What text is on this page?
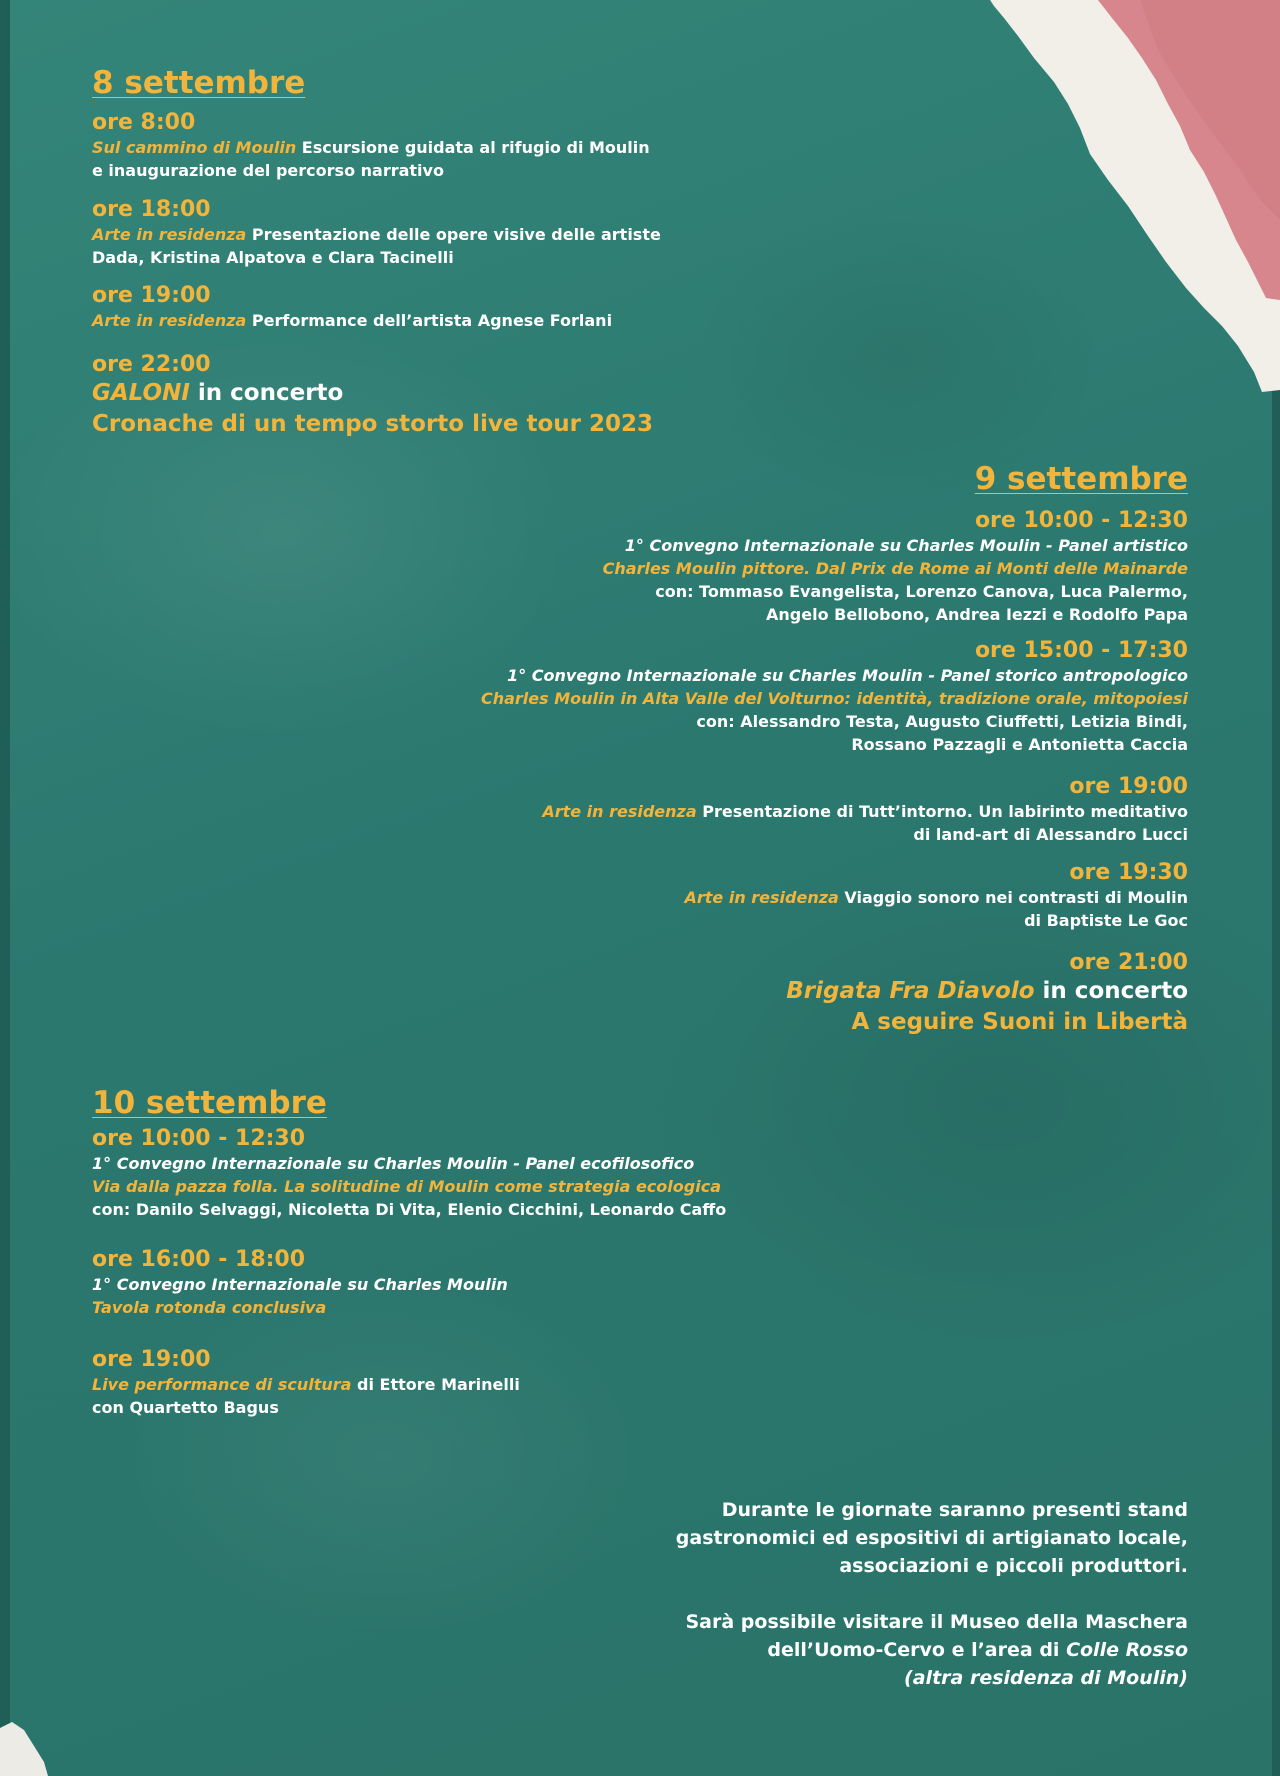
8 settembre
ore 8:00
Sul cammino di Moulin Escursione guidata al rifugio di Moulin
e inaugurazione del percorso narrativo
ore 18:00
Arte in residenza Presentazione delle opere visive delle artiste
Dada, Kristina Alpatova e Clara Tacinelli
ore 19:00
Arte in residenza Performance dell’artista Agnese Forlani
ore 22:00
GALONI in concerto
Cronache di un tempo storto live tour 2023
9 settembre
ore 10:00 - 12:30
1° Convegno Internazionale su Charles Moulin - Panel artistico
Charles Moulin pittore. Dal Prix de Rome ai Monti delle Mainarde
con: Tommaso Evangelista, Lorenzo Canova, Luca Palermo,
Angelo Bellobono, Andrea Iezzi e Rodolfo Papa
ore 15:00 - 17:30
1° Convegno Internazionale su Charles Moulin - Panel storico antropologico
Charles Moulin in Alta Valle del Volturno: identità, tradizione orale, mitopoiesi
con: Alessandro Testa, Augusto Ciuffetti, Letizia Bindi,
Rossano Pazzagli e Antonietta Caccia
ore 19:00
Arte in residenza Presentazione di Tutt’intorno. Un labirinto meditativo
di land-art di Alessandro Lucci
ore 19:30
Arte in residenza Viaggio sonoro nei contrasti di Moulin
di Baptiste Le Goc
ore 21:00
Brigata Fra Diavolo in concerto
A seguire Suoni in Libertà
10 settembre
ore 10:00 - 12:30
1° Convegno Internazionale su Charles Moulin - Panel ecofilosofico
Via dalla pazza folla. La solitudine di Moulin come strategia ecologica
con: Danilo Selvaggi, Nicoletta Di Vita, Elenio Cicchini, Leonardo Caffo
ore 16:00 - 18:00
1° Convegno Internazionale su Charles Moulin
Tavola rotonda conclusiva
ore 19:00
Live performance di scultura di Ettore Marinelli
con Quartetto Bagus
Durante le giornate saranno presenti stand
gastronomici ed espositivi di artigianato locale,
associazioni e piccoli produttori.
Sarà possibile visitare il Museo della Maschera
dell’Uomo-Cervo e l’area di Colle Rosso
(altra residenza di Moulin)
